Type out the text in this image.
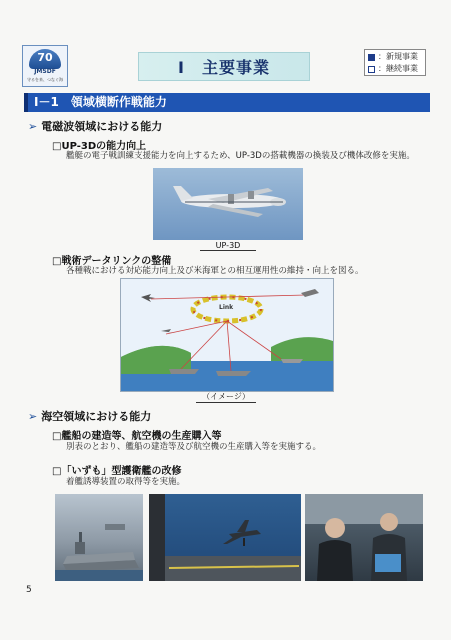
70
JMSDF
守るを来、つなぐ海
I　主要事業
：新規事業
：継続事業
I－1　領域横断作戦能力
➢ 電磁波領域における能力
□UP-3Dの能力向上
艦艇の電子戦訓練支援能力を向上するため、UP-3Dの搭載機器の換装及び機体改修を実施。
UP-3D
□戦術データリンクの整備
各種戦における対応能力向上及び米海軍との相互運用性の維持・向上を図る。
Link
（イメージ）
➢ 海空領域における能力
□艦船の建造等、航空機の生産購入等
別表のとおり、艦船の建造等及び航空機の生産購入等を実施する。
□「いずも」型護衛艦の改修
着艦誘導装置の取得等を実施。
5
